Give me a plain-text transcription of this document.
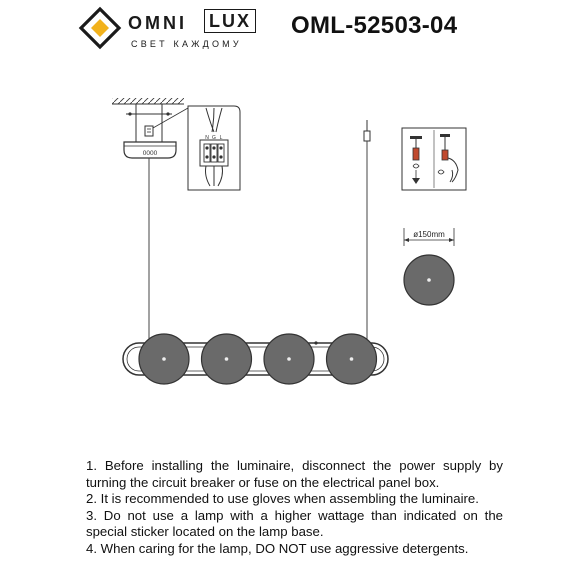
OMNI LUX
СВЕТ КАЖДОМУ
OML-52503-04
0000
N G L
ø150mm

1. Before installing the luminaire, disconnect the power supply by turning the circuit breaker or fuse on the electrical panel box.

2. It is recommended to use gloves when assembling the luminaire.

3. Do not use a lamp with a higher wattage than indicated on the special sticker located on the lamp base.

4. When caring for the lamp, DO NOT use aggressive detergents.
